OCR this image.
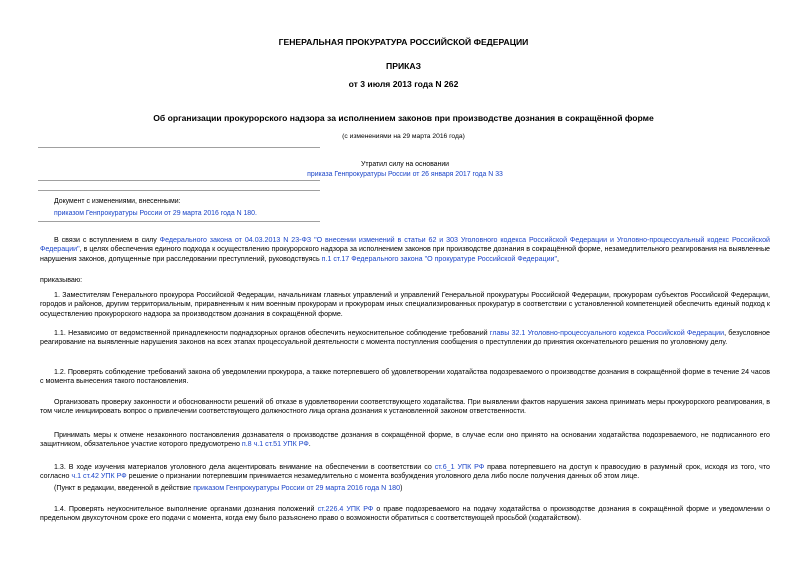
ГЕНЕРАЛЬНАЯ ПРОКУРАТУРА РОССИЙСКОЙ ФЕДЕРАЦИИ
ПРИКАЗ
от 3 июля 2013 года N 262
Об организации прокурорского надзора за исполнением законов при производстве дознания в сокращённой форме
(с изменениями на 29 марта 2016 года)
Утратил силу на основании
приказа Генпрокуратуры России от 26 января 2017 года N 33
Документ с изменениями, внесенными:
приказом Генпрокуратуры России от 29 марта 2016 года N 180.
В связи с вступлением в силу Федерального закона от 04.03.2013 N 23-ФЗ "О внесении изменений в статьи 62 и 303 Уголовного кодекса Российской Федерации и Уголовно-процессуальный кодекс Российской Федерации", в целях обеспечения единого подхода к осуществлению прокурорского надзора за исполнением законов при производстве дознания в сокращённой форме, незамедлительного реагирования на выявленные нарушения законов, допущенные при расследовании преступлений, руководствуясь п.1 ст.17 Федерального закона "О прокуратуре Российской Федерации",
приказываю:
1. Заместителям Генерального прокурора Российской Федерации, начальникам главных управлений и управлений Генеральной прокуратуры Российской Федерации, прокурорам субъектов Российской Федерации, городов и районов, другим территориальным, приравненным к ним военным прокурорам и прокурорам иных специализированных прокуратур в соответствии с установленной компетенцией обеспечить единый подход к осуществлению прокурорского надзора за производством дознания в сокращённой форме.
1.1. Независимо от ведомственной принадлежности поднадзорных органов обеспечить неукоснительное соблюдение требований главы 32.1 Уголовно-процессуального кодекса Российской Федерации, безусловное реагирование на выявленные нарушения законов на всех этапах процессуальной деятельности с момента поступления сообщения о преступлении до принятия окончательного решения по уголовному делу.
1.2. Проверять соблюдение требований закона об уведомлении прокурора, а также потерпевшего об удовлетворении ходатайства подозреваемого о производстве дознания в сокращённой форме в течение 24 часов с момента вынесения такого постановления.
Организовать проверку законности и обоснованности решений об отказе в удовлетворении соответствующего ходатайства. При выявлении фактов нарушения закона принимать меры прокурорского реагирования, в том числе инициировать вопрос о привлечении соответствующего должностного лица органа дознания к установленной законом ответственности.
Принимать меры к отмене незаконного постановления дознавателя о производстве дознания в сокращённой форме, в случае если оно принято на основании ходатайства подозреваемого, не подписанного его защитником, обязательное участие которого предусмотрено п.8 ч.1 ст.51 УПК РФ.
1.3. В ходе изучения материалов уголовного дела акцентировать внимание на обеспечении в соответствии со ст.6_1 УПК РФ права потерпевшего на доступ к правосудию в разумный срок, исходя из того, что согласно ч.1 ст.42 УПК РФ решение о признании потерпевшим принимается незамедлительно с момента возбуждения уголовного дела либо после получения данных об этом лице.
(Пункт в редакции, введенной в действие приказом Генпрокуратуры России от 29 марта 2016 года N 180)
1.4. Проверять неукоснительное выполнение органами дознания положений ст.226.4 УПК РФ о праве подозреваемого на подачу ходатайства о производстве дознания в сокращённой форме и уведомлении о предельном двухсуточном сроке его подачи с момента, когда ему было разъяснено право о возможности обратиться с соответствующей просьбой (ходатайством).
